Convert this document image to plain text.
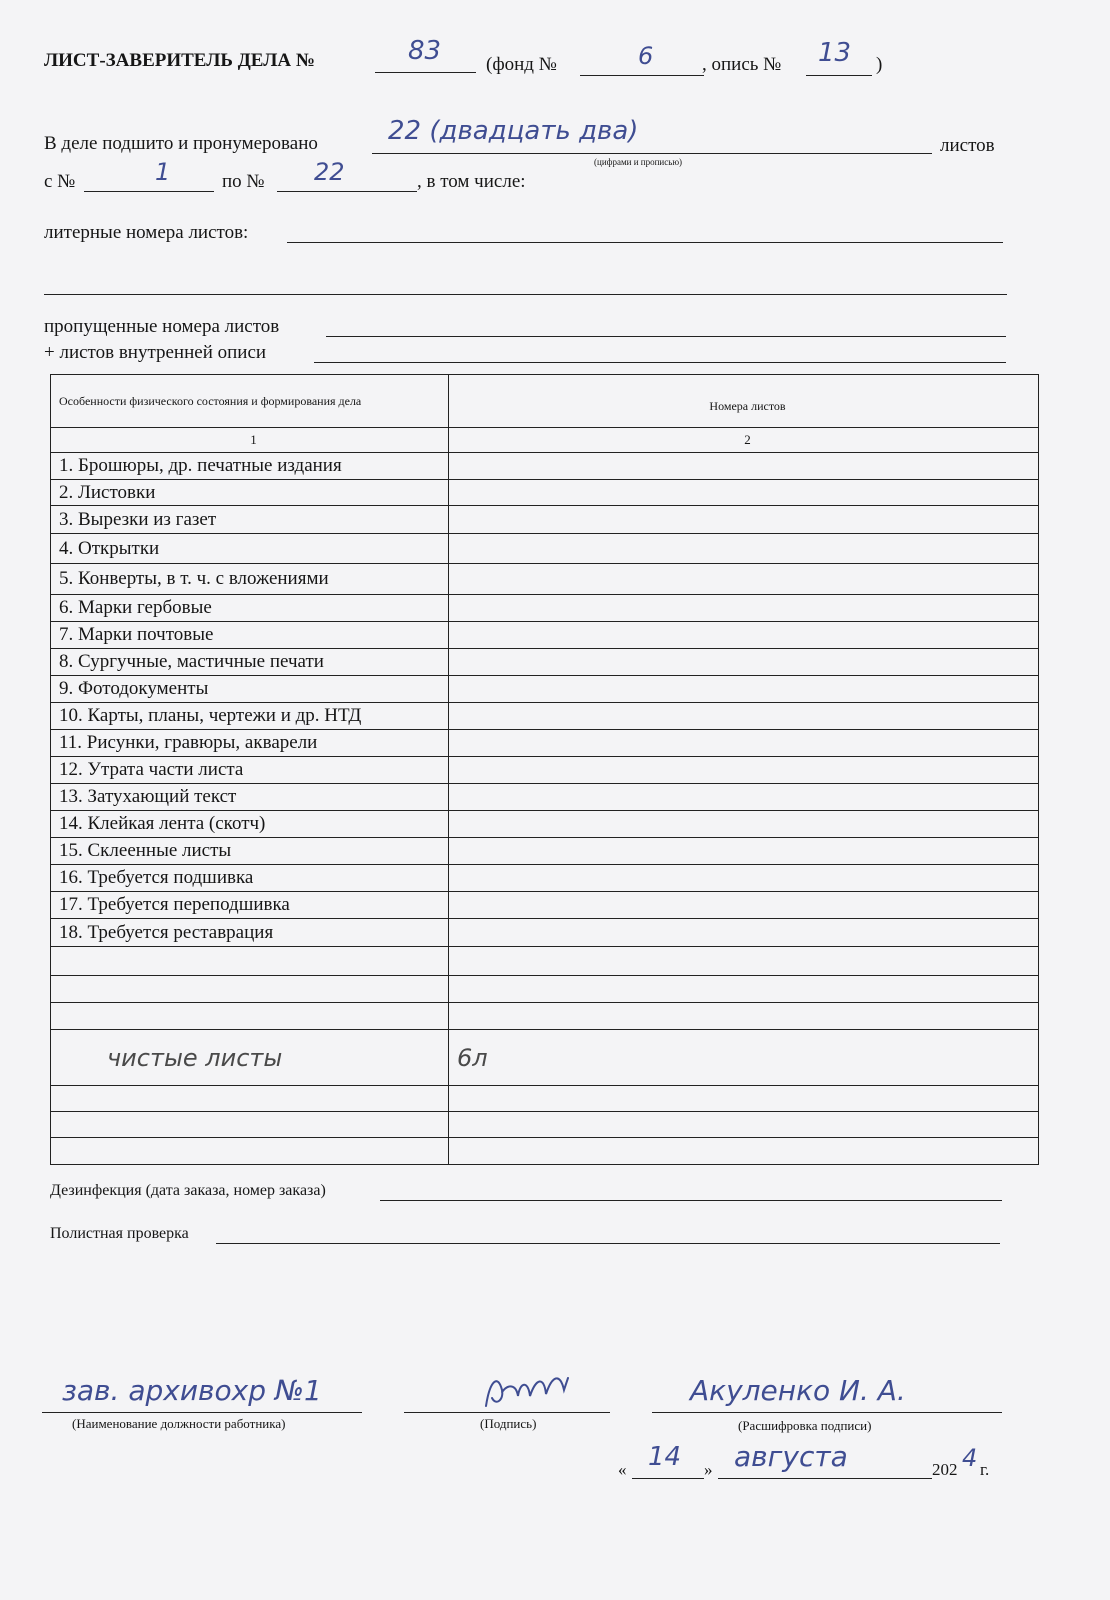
ЛИСТ-ЗАВЕРИТЕЛЬ ДЕЛА №	83 (фонд №	6	, опись № 13 )
В деле подшито и пронумеровано	22 (двадцать два)
(цифрами и прописью)
листов
с №	1	по № 22	, в том числе:
литерные номера листов:
пропущенные номера листов
+ листов внутренней описи
Особенности физического состояния и формирования дела	Номера листов
1	2
1. Брошюры, др. печатные издания	
2. Листовки	
3. Вырезки из газет	
4. Открытки	
5. Конверты, в т. ч. с вложениями	
6. Марки гербовые	
7. Марки почтовые	
8. Сургучные, мастичные печати	
9. Фотодокументы	
10. Карты, планы, чертежи и др. НТД	
11. Рисунки, гравюры, акварели	
12. Утрата части листа	
13. Затухающий текст	
14. Клейкая лента (скотч)	
15. Склеенные листы	
16. Требуется подшивка	
17. Требуется переподшивка	
18. Требуется реставрация	

чистые листы	6л

Дезинфекция (дата заказа, номер заказа)
Полистная проверка
зав. архивохр №1
(Наименование должности работника)	(Подпись)
Акуленко И. А.
(Расшифровка подписи)
« 14 » августа	202 4 г.
